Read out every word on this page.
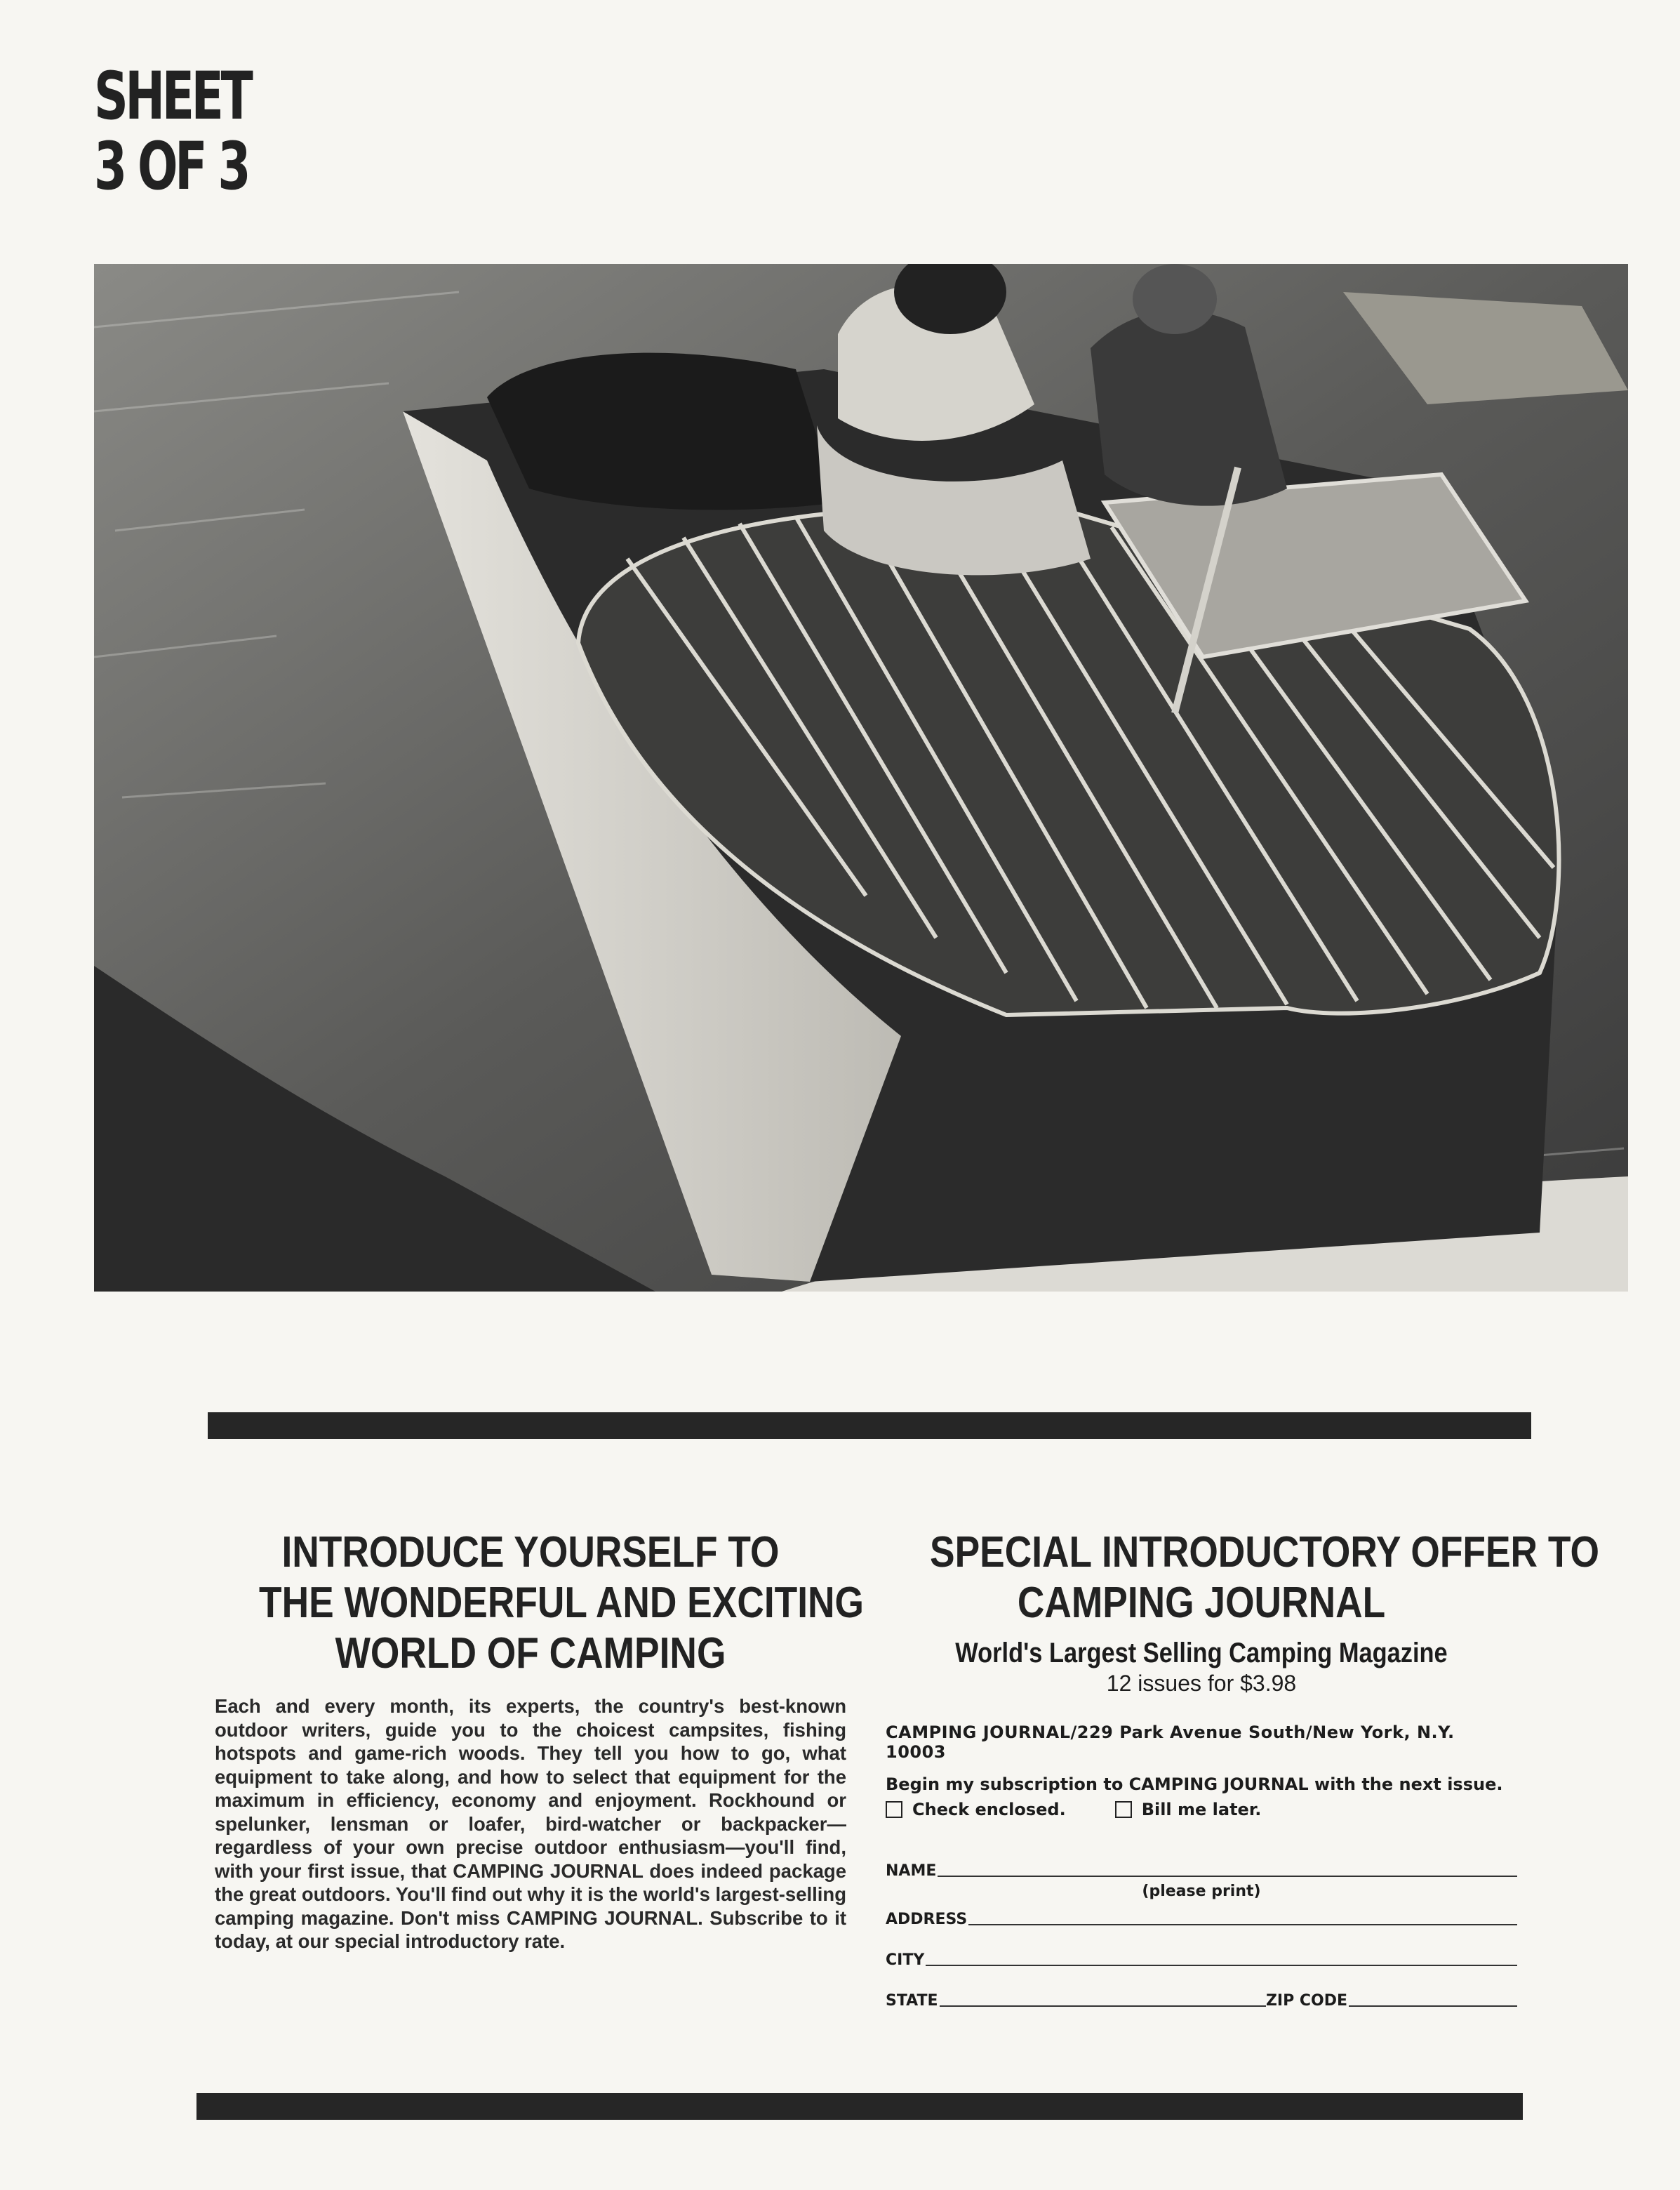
SHEET
3 OF 3
INTRODUCE YOURSELF TO
THE WONDERFUL AND EXCITING
WORLD OF CAMPING
Each and every month, its experts, the country's best-known outdoor writers, guide you to the choicest campsites, fishing hotspots and game-rich woods. They tell you how to go, what equipment to take along, and how to select that equipment for the maximum in efficiency, economy and enjoyment. Rockhound or spelunker, lensman or loafer, bird-watcher or backpacker—regardless of your own precise outdoor enthusiasm—you'll find, with your first issue, that CAMPING JOURNAL does indeed package the great outdoors. You'll find out why it is the world's largest-selling camping magazine. Don't miss CAMPING JOURNAL. Subscribe to it today, at our special introductory rate.
SPECIAL INTRODUCTORY OFFER TO
CAMPING JOURNAL
World's Largest Selling Camping Magazine
12 issues for $3.98
CAMPING JOURNAL/229 Park Avenue South/New York, N.Y. 10003
Begin my subscription to CAMPING JOURNAL with the next issue.
Check enclosed.	Bill me later.
NAME
(please print)
ADDRESS
CITY
STATE	ZIP CODE
